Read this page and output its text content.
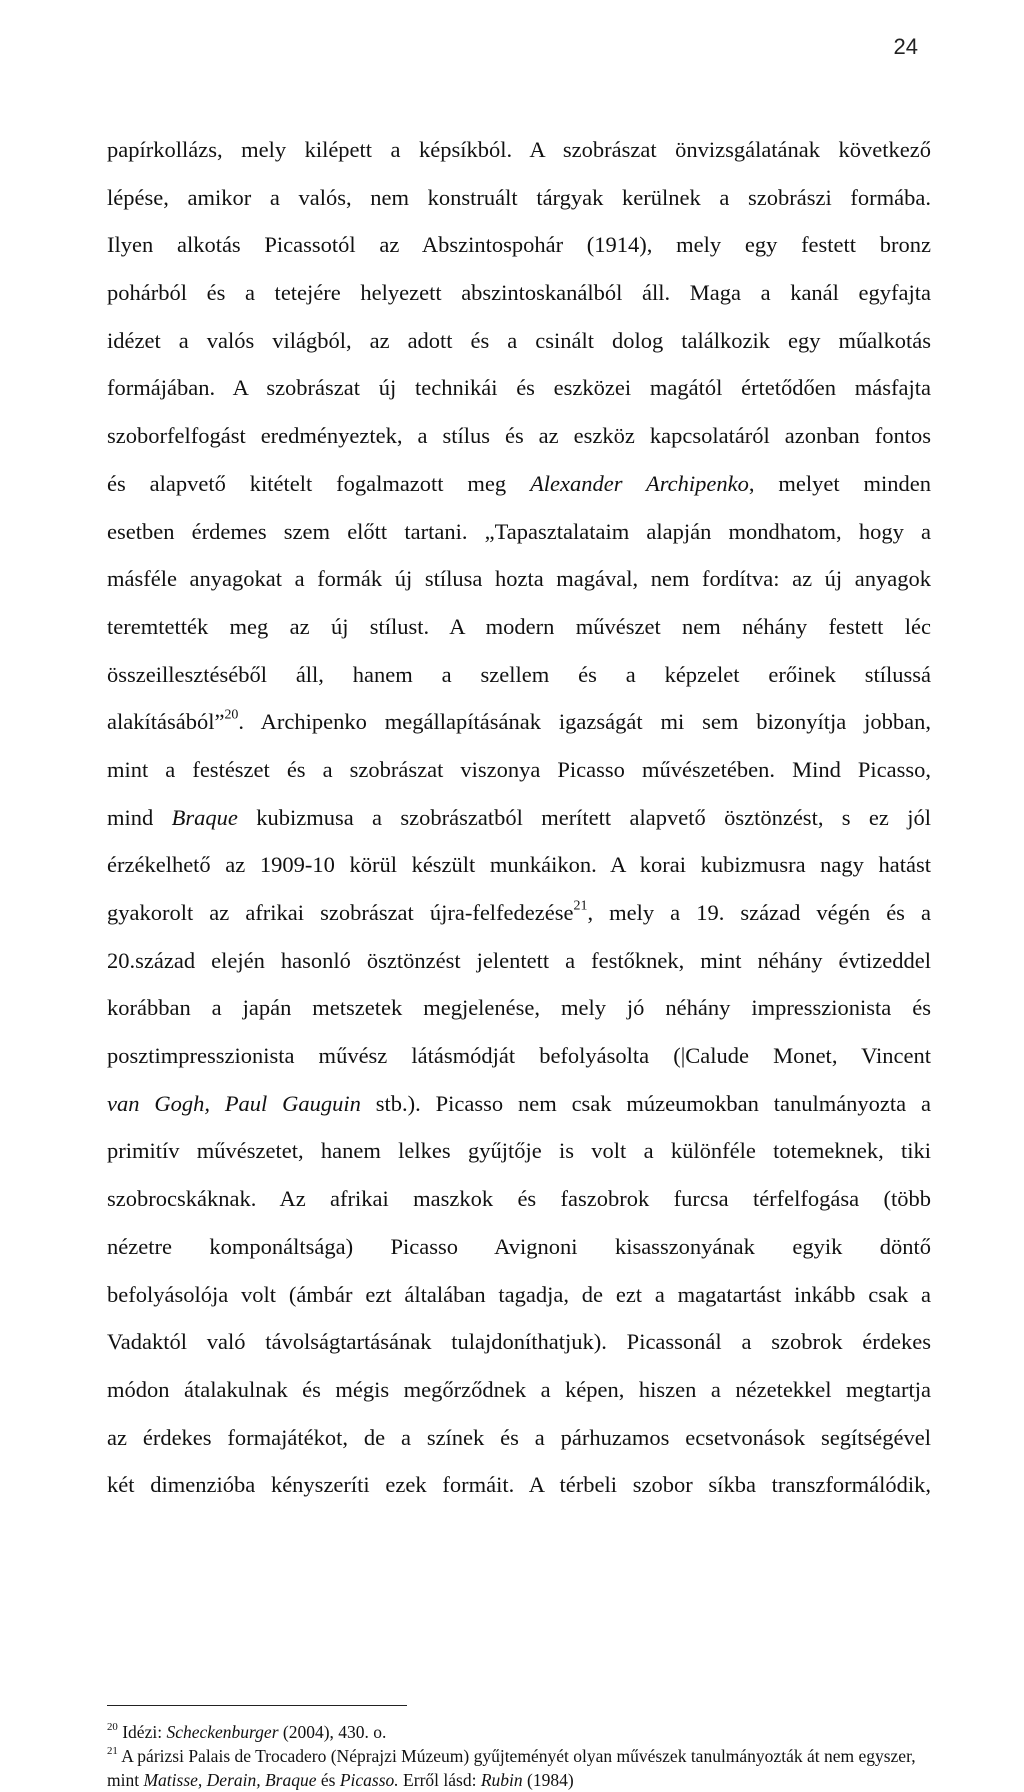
24
papírkollázs, mely kilépett a képsíkból. A szobrászat önvizsgálatának következő
lépése, amikor a valós, nem konstruált tárgyak kerülnek a szobrászi formába.
Ilyen alkotás Picassotól az Abszintospohár (1914), mely egy festett bronz
pohárból és a tetejére helyezett abszintoskanálból áll. Maga a kanál egyfajta
idézet a valós világból, az adott és a csinált dolog találkozik egy műalkotás
formájában. A szobrászat új technikái és eszközei magától értetődően másfajta
szoborfelfogást eredményeztek, a stílus és az eszköz kapcsolatáról azonban fontos
és alapvető kitételt fogalmazott meg Alexander Archipenko, melyet minden
esetben érdemes szem előtt tartani. „Tapasztalataim alapján mondhatom, hogy a
másféle anyagokat a formák új stílusa hozta magával, nem fordítva: az új anyagok
teremtették meg az új stílust. A modern művészet nem néhány festett léc
összeillesztéséből áll, hanem a szellem és a képzelet erőinek stílussá
alakításából”$^{20}$. Archipenko megállapításának igazságát mi sem bizonyítja jobban,
mint a festészet és a szobrászat viszonya Picasso művészetében. Mind Picasso,
mind Braque kubizmusa a szobrászatból merített alapvető ösztönzést, s ez jól
érzékelhető az 1909-10 körül készült munkáikon. A korai kubizmusra nagy hatást
gyakorolt az afrikai szobrászat újra-felfedezése$^{21}$, mely a 19. század végén és a
20.század elején hasonló ösztönzést jelentett a festőknek, mint néhány évtizeddel
korábban a japán metszetek megjelenése, mely jó néhány impresszionista és
posztimpresszionista művész látásmódját befolyásolta (|Calude Monet, Vincent
van Gogh, Paul Gauguin stb.). Picasso nem csak múzeumokban tanulmányozta a
primitív művészetet, hanem lelkes gyűjtője is volt a különféle totemeknek, tiki
szobrocskáknak. Az afrikai maszkok és faszobrok furcsa térfelfogása (több
nézetre komponáltsága) Picasso Avignoni kisasszonyának egyik döntő
befolyásolója volt (ámbár ezt általában tagadja, de ezt a magatartást inkább csak a
Vadaktól való távolságtartásának tulajdoníthatjuk). Picassonál a szobrok érdekes
módon átalakulnak és mégis megőrződnek a képen, hiszen a nézetekkel megtartja
az érdekes formajátékot, de a színek és a párhuzamos ecsetvonások segítségével
két dimenzióba kényszeríti ezek formáit. A térbeli szobor síkba transzformálódik,

$^{20}$ Idézi: Scheckenburger (2004), 430. o.

$^{21}$ A párizsi Palais de Trocadero (Néprajzi Múzeum) gyűjteményét olyan művészek tanulmányozták át nem egyszer, mint Matisse, Derain, Braque és Picasso. Erről lásd: Rubin (1984)
